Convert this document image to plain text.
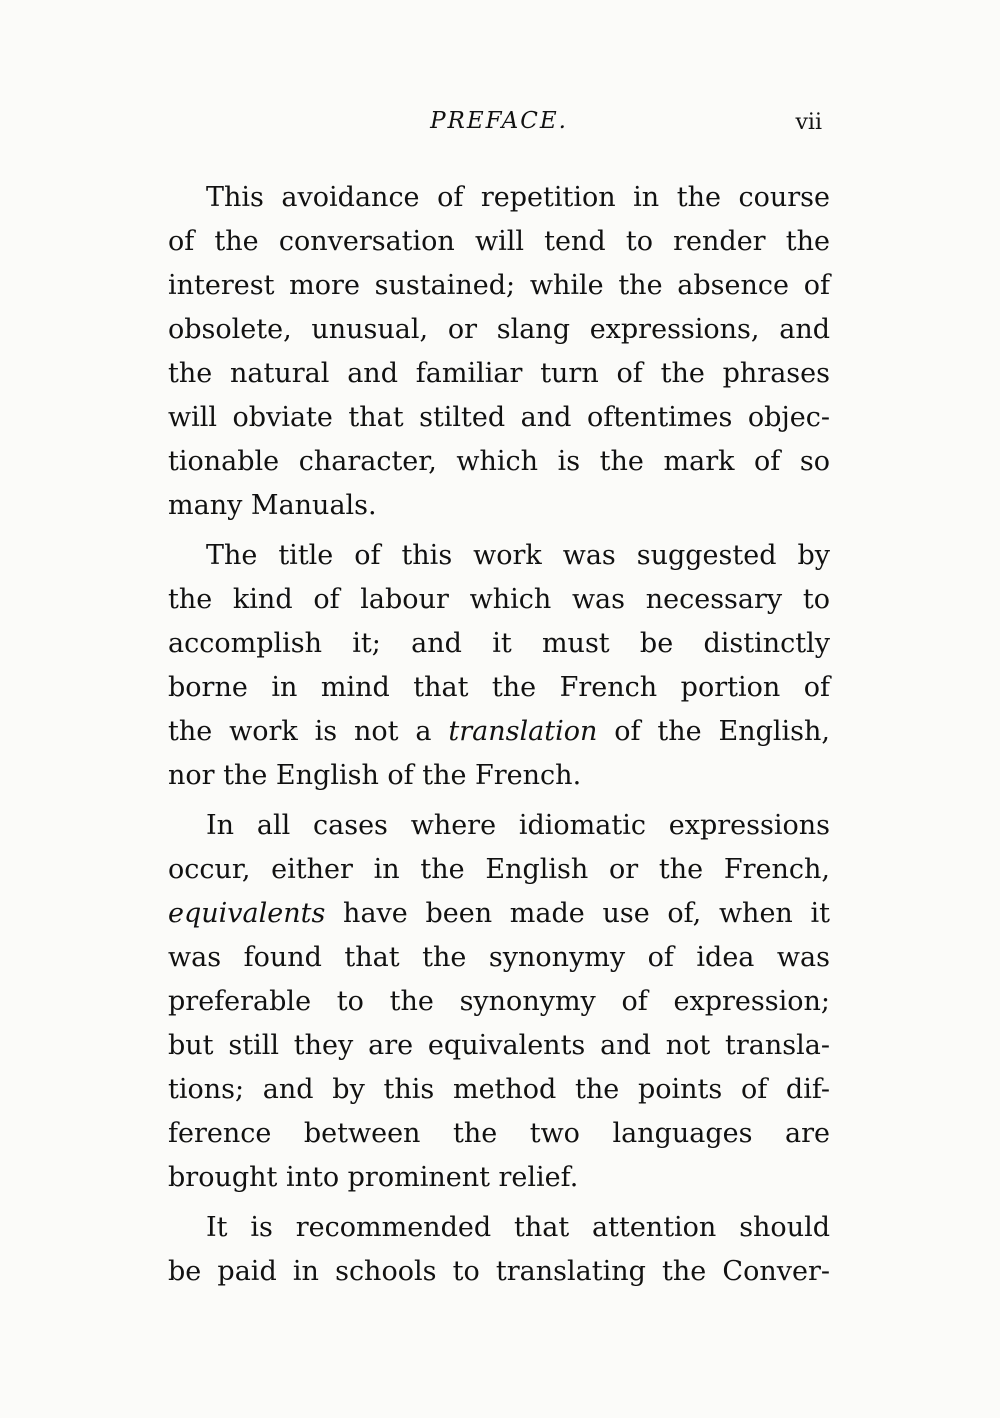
PREFACE.	vii

This avoidance of repetition in the course
of the conversation will tend to render the
interest more sustained; while the absence of
obsolete, unusual, or slang expressions, and
the natural and familiar turn of the phrases
will obviate that stilted and oftentimes objec-
tionable character, which is the mark of so
many Manuals.

The title of this work was suggested by
the kind of labour which was necessary to
accomplish it; and it must be distinctly
borne in mind that the French portion of
the work is not a translation of the English,
nor the English of the French.

In all cases where idiomatic expressions
occur, either in the English or the French,
equivalents have been made use of, when it
was found that the synonymy of idea was
preferable to the synonymy of expression;
but still they are equivalents and not transla-
tions; and by this method the points of dif-
ference between the two languages are
brought into prominent relief.

It is recommended that attention should
be paid in schools to translating the Conver-
